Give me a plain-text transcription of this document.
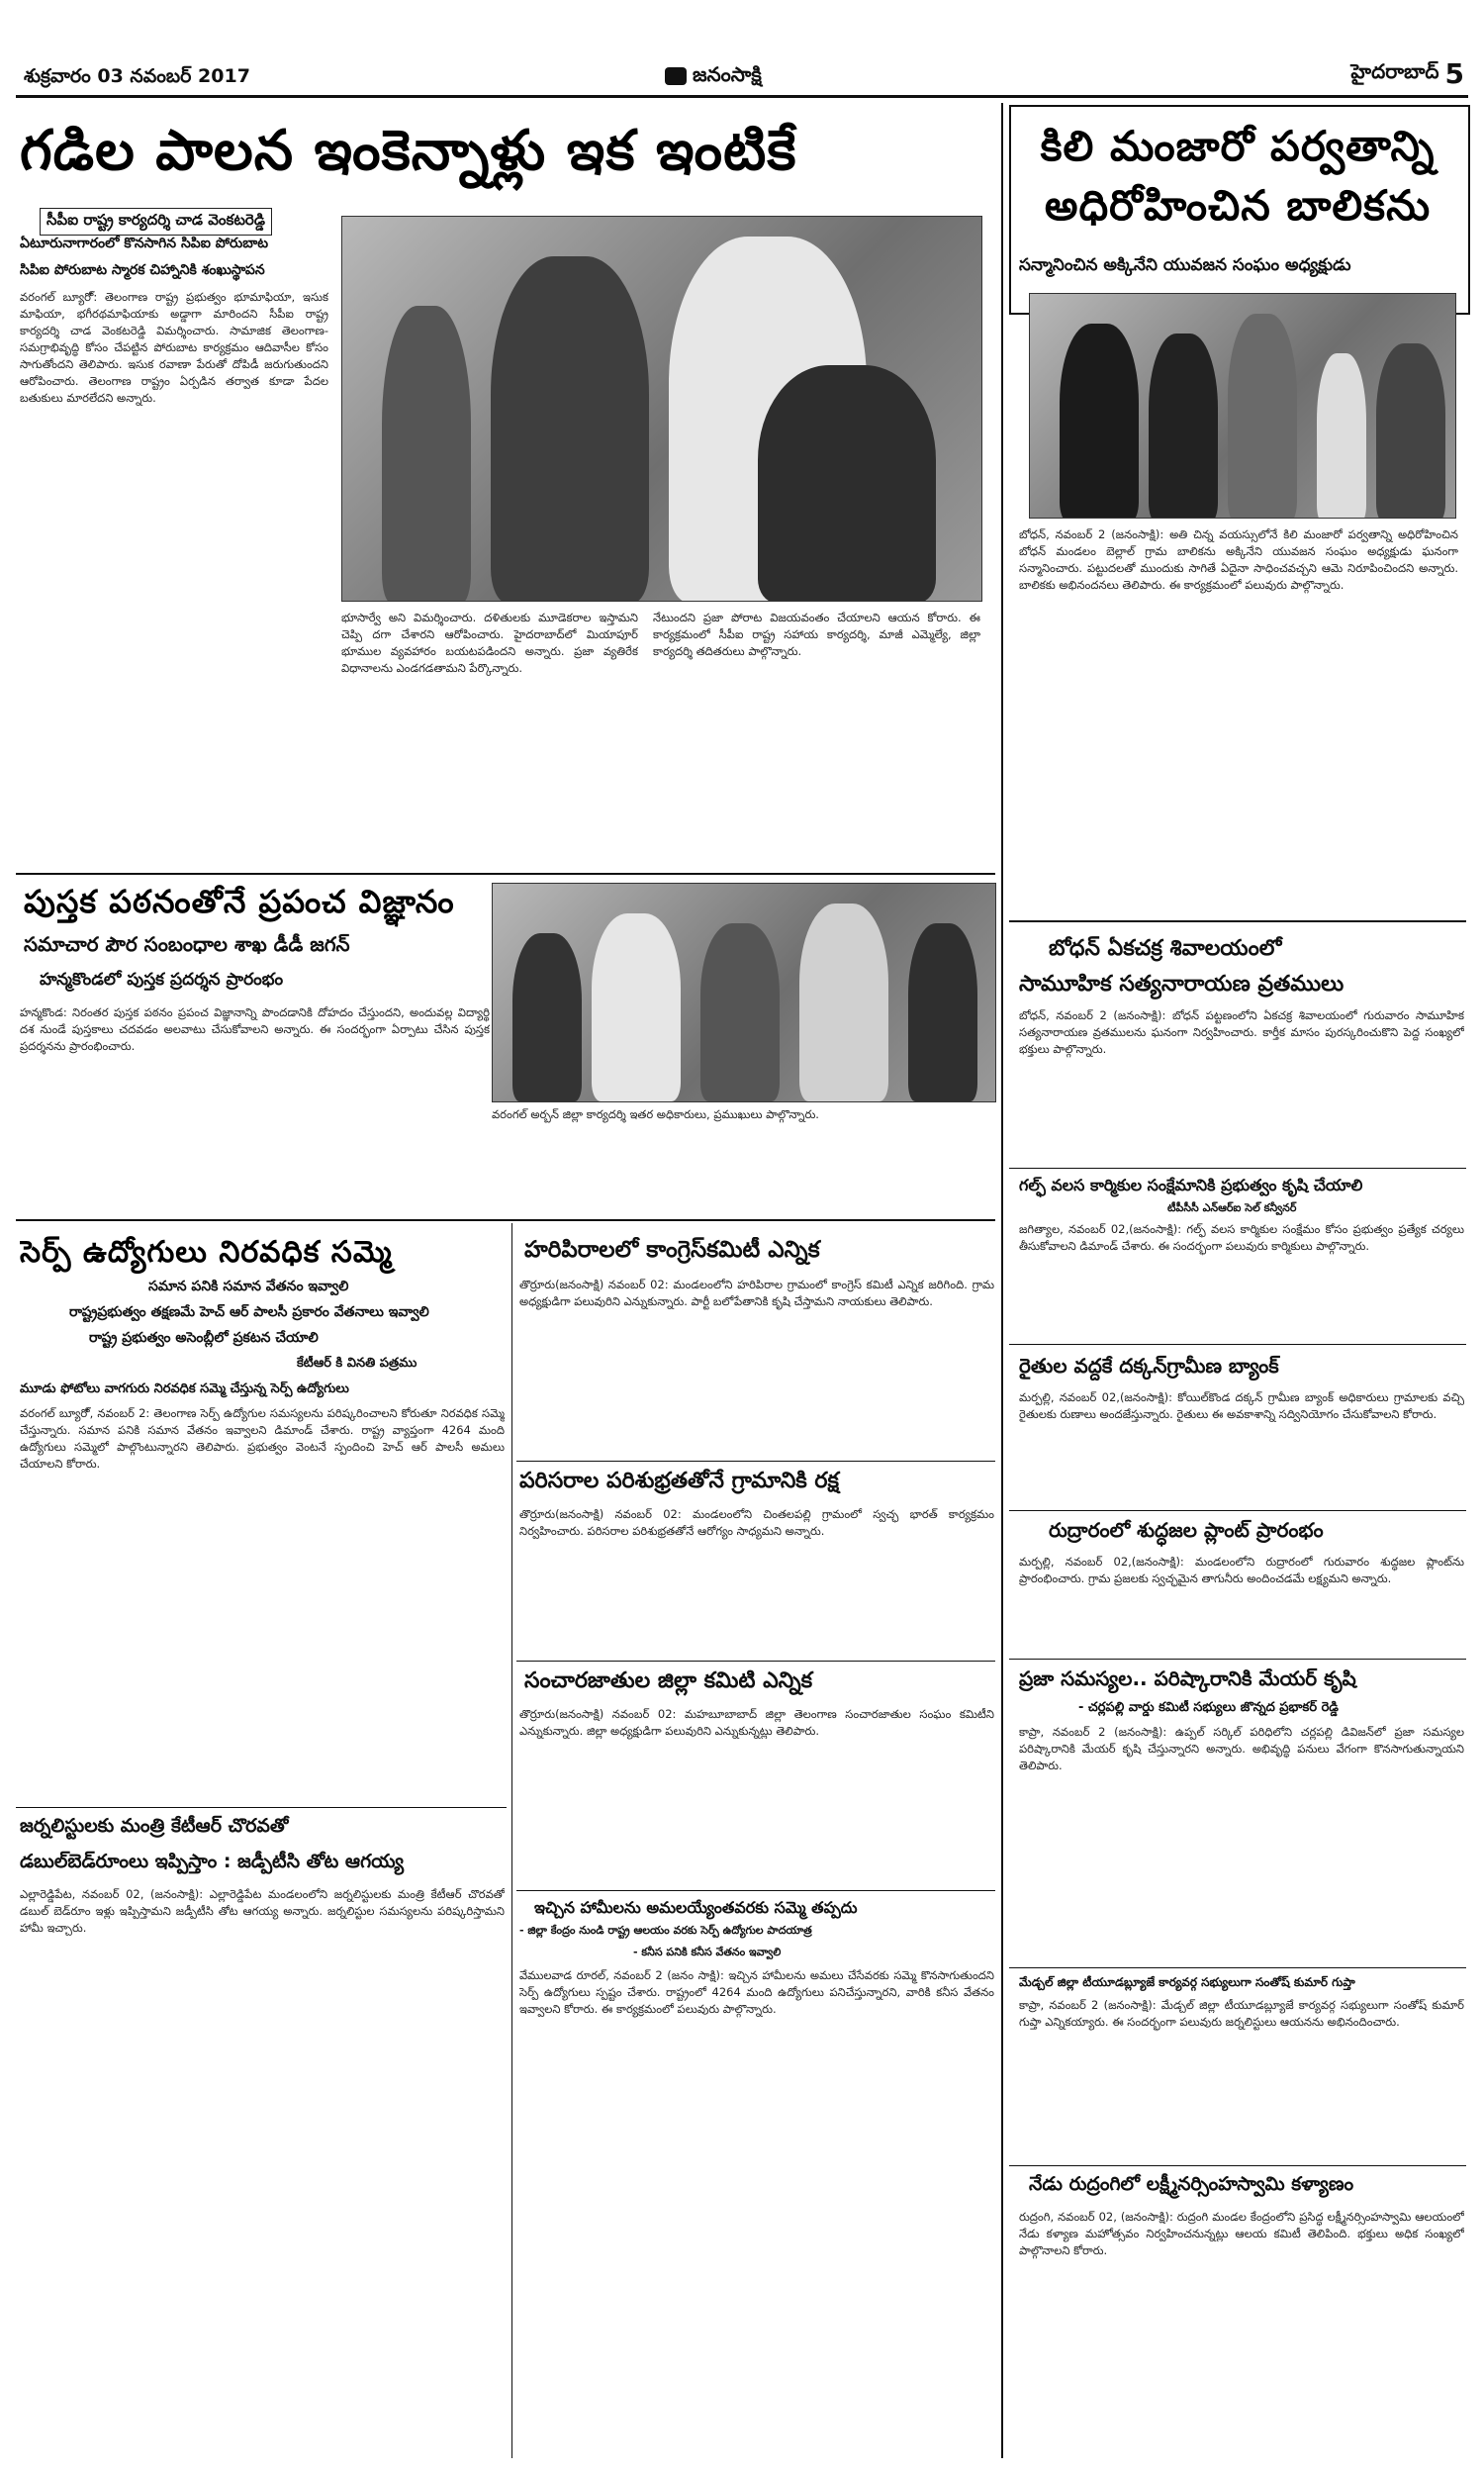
శుక్రవారం 03 నవంబర్ 2017	జనంసాక్షి	హైదరాబాద్ 5
గడిల పాలన ఇంకెన్నాళ్లు ఇక ఇంటికే
సీపీఐ రాష్ట్ర కార్యదర్శి చాడ వెంకటరెడ్డి
ఏటూరునాగారంలో కొనసాగిన సిపిఐ పోరుబాట
సిపిఐ పోరుబాట స్మారక చిహ్నానికి శంఖుస్థాపన
వరంగల్‌ బ్యూరో్: తెలంగాణ రాష్ట్ర ప్రభుత్వం భూమాఫియా, ఇసుక మాఫియా, భగీరథమాఫియాకు అడ్డాగా మారిందని సీపీఐ రాష్ట్ర కార్యదర్శి చాడ వెంకటరెడ్డి విమర్శించారు. సామాజిక తెలంగాణ-సమగ్రాభివృద్ధి కోసం చేపట్టిన పోరుబాట కార్యక్రమం ఆదివాసీల కోసం సాగుతోందని తెలిపారు. ఇసుక రవాణా పేరుతో దోపిడీ జరుగుతుందని ఆరోపించారు. తెలంగాణ రాష్ట్రం ఏర్పడిన తర్వాత కూడా పేదల బతుకులు మారలేదని అన్నారు.
భూసార్వే అని విమర్శించారు. దళితులకు మూడెకరాల ఇస్తామని చెప్పి దగా చేశారని ఆరోపించారు. హైదరాబాద్‌లో మియాపూర్‌ భూముల వ్యవహారం బయటపడిందని అన్నారు. ప్రజా వ్యతిరేక విధానాలను ఎండగడతామని పేర్కొన్నారు.
నేటుందని ప్రజా పోరాట విజయవంతం చేయాలని ఆయన కోరారు. ఈ కార్యక్రమంలో సీపీఐ రాష్ట్ర సహాయ కార్యదర్శి, మాజీ ఎమ్మెల్యే, జిల్లా కార్యదర్శి తదితరులు పాల్గొన్నారు.
కిలి మంజారో పర్వతాన్ని అధిరోహించిన బాలికను
సన్మానించిన అక్కినేని యువజన సంఘం అధ్యక్షుడు
బోధన్‌, నవంబర్‌ 2 (జనంసాక్షి): అతి చిన్న వయస్సులోనే కిలి మంజారో పర్వతాన్ని అధిరోహించిన బోధన్‌ మండలం బెల్లాల్‌ గ్రామ బాలికను అక్కినేని యువజన సంఘం అధ్యక్షుడు ఘనంగా సన్మానించారు. పట్టుదలతో ముందుకు సాగితే ఏదైనా సాధించవచ్చని ఆమె నిరూపించిందని అన్నారు. బాలికకు అభినందనలు తెలిపారు. ఈ కార్యక్రమంలో పలువురు పాల్గొన్నారు.
పుస్తక పఠనంతోనే ప్రపంచ విజ్ఞానం
సమాచార పౌర సంబంధాల శాఖ డీడీ జగన్
హన్మకొండలో పుస్తక ప్రదర్శన ప్రారంభం
హన్మకొండ: నిరంతర పుస్తక పఠనం ప్రపంచ విజ్ఞానాన్ని పొందడానికి దోహదం చేస్తుందని, అందువల్ల విద్యార్థి దశ నుండే పుస్తకాలు చదవడం అలవాటు చేసుకోవాలని అన్నారు. ఈ సందర్భంగా ఏర్పాటు చేసిన పుస్తక ప్రదర్శనను ప్రారంభించారు.
వరంగల్ అర్బన్ జిల్లా కార్యదర్శి ఇతర అధికారులు, ప్రముఖులు పాల్గొన్నారు.
బోధన్ ఏకచక్ర శివాలయంలో
సామూహిక సత్యనారాయణ వ్రతములు
బోధన్‌, నవంబర్‌ 2 (జనంసాక్షి): బోధన్‌ పట్టణంలోని ఏకచక్ర శివాలయంలో గురువారం సామూహిక సత్యనారాయణ వ్రతములను ఘనంగా నిర్వహించారు. కార్తీక మాసం పురస్కరించుకొని పెద్ద సంఖ్యలో భక్తులు పాల్గొన్నారు.
గల్ఫ్ వలస కార్మికుల సంక్షేమానికి ప్రభుత్వం కృషి చేయాలి
టీపీసీసీ ఎన్ఆర్ఐ సెల్ కన్వీనర్
జగిత్యాల, నవంబర్‌ 02,(జనంసాక్షి): గల్ఫ్‌ వలస కార్మికుల సంక్షేమం కోసం ప్రభుత్వం ప్రత్యేక చర్యలు తీసుకోవాలని డిమాండ్‌ చేశారు. ఈ సందర్భంగా పలువురు కార్మికులు పాల్గొన్నారు.
రైతుల వద్దకే దక్కన్‌గ్రామీణ బ్యాంక్
మర్పల్లి, నవంబర్‌ 02,(జనంసాక్షి): కోయిల్‌కొండ దక్కన్‌ గ్రామీణ బ్యాంక్‌ అధికారులు గ్రామాలకు వచ్చి రైతులకు రుణాలు అందజేస్తున్నారు. రైతులు ఈ అవకాశాన్ని సద్వినియోగం చేసుకోవాలని కోరారు.
రుద్రారంలో శుద్ధజల ప్లాంట్ ప్రారంభం
మర్పల్లి, నవంబర్‌ 02,(జనంసాక్షి): మండలంలోని రుద్రారంలో గురువారం శుద్ధజల ప్లాంట్‌ను ప్రారంభించారు. గ్రామ ప్రజలకు స్వచ్ఛమైన తాగునీరు అందించడమే లక్ష్యమని అన్నారు.
ప్రజా సమస్యల.. పరిష్కారానికి మేయర్ కృషి
- చర్లపల్లి వార్డు కమిటీ సభ్యులు జొన్నద ప్రభాకర్ రెడ్డి
కాప్రా, నవంబర్‌ 2 (జనంసాక్షి): ఉప్పల్‌ సర్కిల్‌ పరిధిలోని చర్లపల్లి డివిజన్‌లో ప్రజా సమస్యల పరిష్కారానికి మేయర్‌ కృషి చేస్తున్నారని అన్నారు. అభివృద్ధి పనులు వేగంగా కొనసాగుతున్నాయని తెలిపారు.
మేడ్చల్ జిల్లా టీయూడబ్ల్యూజే కార్యవర్గ సభ్యులుగా సంతోష్ కుమార్ గుప్తా
కాప్రా, నవంబర్‌ 2 (జనంసాక్షి): మేడ్చల్‌ జిల్లా టీయూడబ్ల్యూజే కార్యవర్గ సభ్యులుగా సంతోష్‌ కుమార్‌ గుప్తా ఎన్నికయ్యారు. ఈ సందర్భంగా పలువురు జర్నలిస్టులు ఆయనను అభినందించారు.
నేడు రుద్రంగిలో లక్ష్మీనర్సింహస్వామి కళ్యాణం
రుద్రంగి, నవంబర్‌ 02, (జనంసాక్షి): రుద్రంగి మండల కేంద్రంలోని ప్రసిద్ధ లక్ష్మీనర్సింహస్వామి ఆలయంలో నేడు కళ్యాణ మహోత్సవం నిర్వహించనున్నట్లు ఆలయ కమిటీ తెలిపింది. భక్తులు అధిక సంఖ్యలో పాల్గొనాలని కోరారు.
సెర్ప్ ఉద్యోగులు నిరవధిక సమ్మె
సమాన పనికి సమాన వేతనం ఇవ్వాలి
రాష్ట్రప్రభుత్వం తక్షణమే హెచ్ ఆర్ పాలసీ ప్రకారం వేతనాలు ఇవ్వాలి
రాష్ట్ర ప్రభుత్వం అసెంబ్లీలో ప్రకటన చేయాలి
కేటీఆర్ కి వినతి పత్రము
మూడు ఫోటోలు వాగగురు నిరవధిక సమ్మె చేస్తున్న సెర్ప్ ఉద్యోగులు
వరంగల్‌ బ్యూరో్, నవంబర్‌ 2: తెలంగాణ సెర్ప్‌ ఉద్యోగుల సమస్యలను పరిష్కరించాలని కోరుతూ నిరవధిక సమ్మె చేస్తున్నారు. సమాన పనికి సమాన వేతనం ఇవ్వాలని డిమాండ్‌ చేశారు. రాష్ట్ర వ్యాప్తంగా 4264 మంది ఉద్యోగులు సమ్మెలో పాల్గొంటున్నారని తెలిపారు. ప్రభుత్వం వెంటనే స్పందించి హెచ్‌ ఆర్‌ పాలసీ అమలు చేయాలని కోరారు.
జర్నలిస్టులకు మంత్రి కేటీఆర్ చొరవతో
డబుల్‌బెడ్‌రూంలు ఇప్పిస్తాం : జడ్పీటీసి తోట ఆగయ్య
ఎల్లారెడ్డిపేట, నవంబర్‌ 02, (జనంసాక్షి): ఎల్లారెడ్డిపేట మండలంలోని జర్నలిస్టులకు మంత్రి కేటీఆర్‌ చొరవతో డబుల్‌ బెడ్‌రూం ఇళ్లు ఇప్పిస్తామని జడ్పీటీసి తోట ఆగయ్య అన్నారు. జర్నలిస్టుల సమస్యలను పరిష్కరిస్తామని హామీ ఇచ్చారు.
హరిపిరాలలో కాంగ్రెస్‌కమిటీ ఎన్నిక
తొర్రూరు(జనంసాక్షి) నవంబర్‌ 02: మండలంలోని హరిపిరాల గ్రామంలో కాంగ్రెస్‌ కమిటీ ఎన్నిక జరిగింది. గ్రామ అధ్యక్షుడిగా పలువురిని ఎన్నుకున్నారు. పార్టీ బలోపేతానికి కృషి చేస్తామని నాయకులు తెలిపారు.
పరిసరాల పరిశుభ్రతతోనే గ్రామానికి రక్ష
తొర్రూరు(జనంసాక్షి) నవంబర్‌ 02: మండలంలోని చింతలపల్లి గ్రామంలో స్వచ్ఛ భారత్‌ కార్యక్రమం నిర్వహించారు. పరిసరాల పరిశుభ్రతతోనే ఆరోగ్యం సాధ్యమని అన్నారు.
సంచారజాతుల జిల్లా కమిటి ఎన్నిక
తొర్రూరు(జనంసాక్షి) నవంబర్‌ 02: మహబూబాబాద్‌ జిల్లా తెలంగాణ సంచారజాతుల సంఘం కమిటీని ఎన్నుకున్నారు. జిల్లా అధ్యక్షుడిగా పలువురిని ఎన్నుకున్నట్లు తెలిపారు.
ఇచ్చిన హామీలను అమలయ్యేంతవరకు సమ్మె తప్పదు
- జిల్లా కేంద్రం నుండి రాష్ట్ర ఆలయం వరకు సెర్ప్ ఉద్యోగుల పాదయాత్ర
- కనీస పనికి కనీస వేతనం ఇవ్వాలి
వేములవాడ రూరల్‌, నవంబర్‌ 2 (జనం సాక్షి): ఇచ్చిన హామీలను అమలు చేసేవరకు సమ్మె కొనసాగుతుందని సెర్ప్‌ ఉద్యోగులు స్పష్టం చేశారు. రాష్ట్రంలో 4264 మంది ఉద్యోగులు పనిచేస్తున్నారని, వారికి కనీస వేతనం ఇవ్వాలని కోరారు. ఈ కార్యక్రమంలో పలువురు పాల్గొన్నారు.
